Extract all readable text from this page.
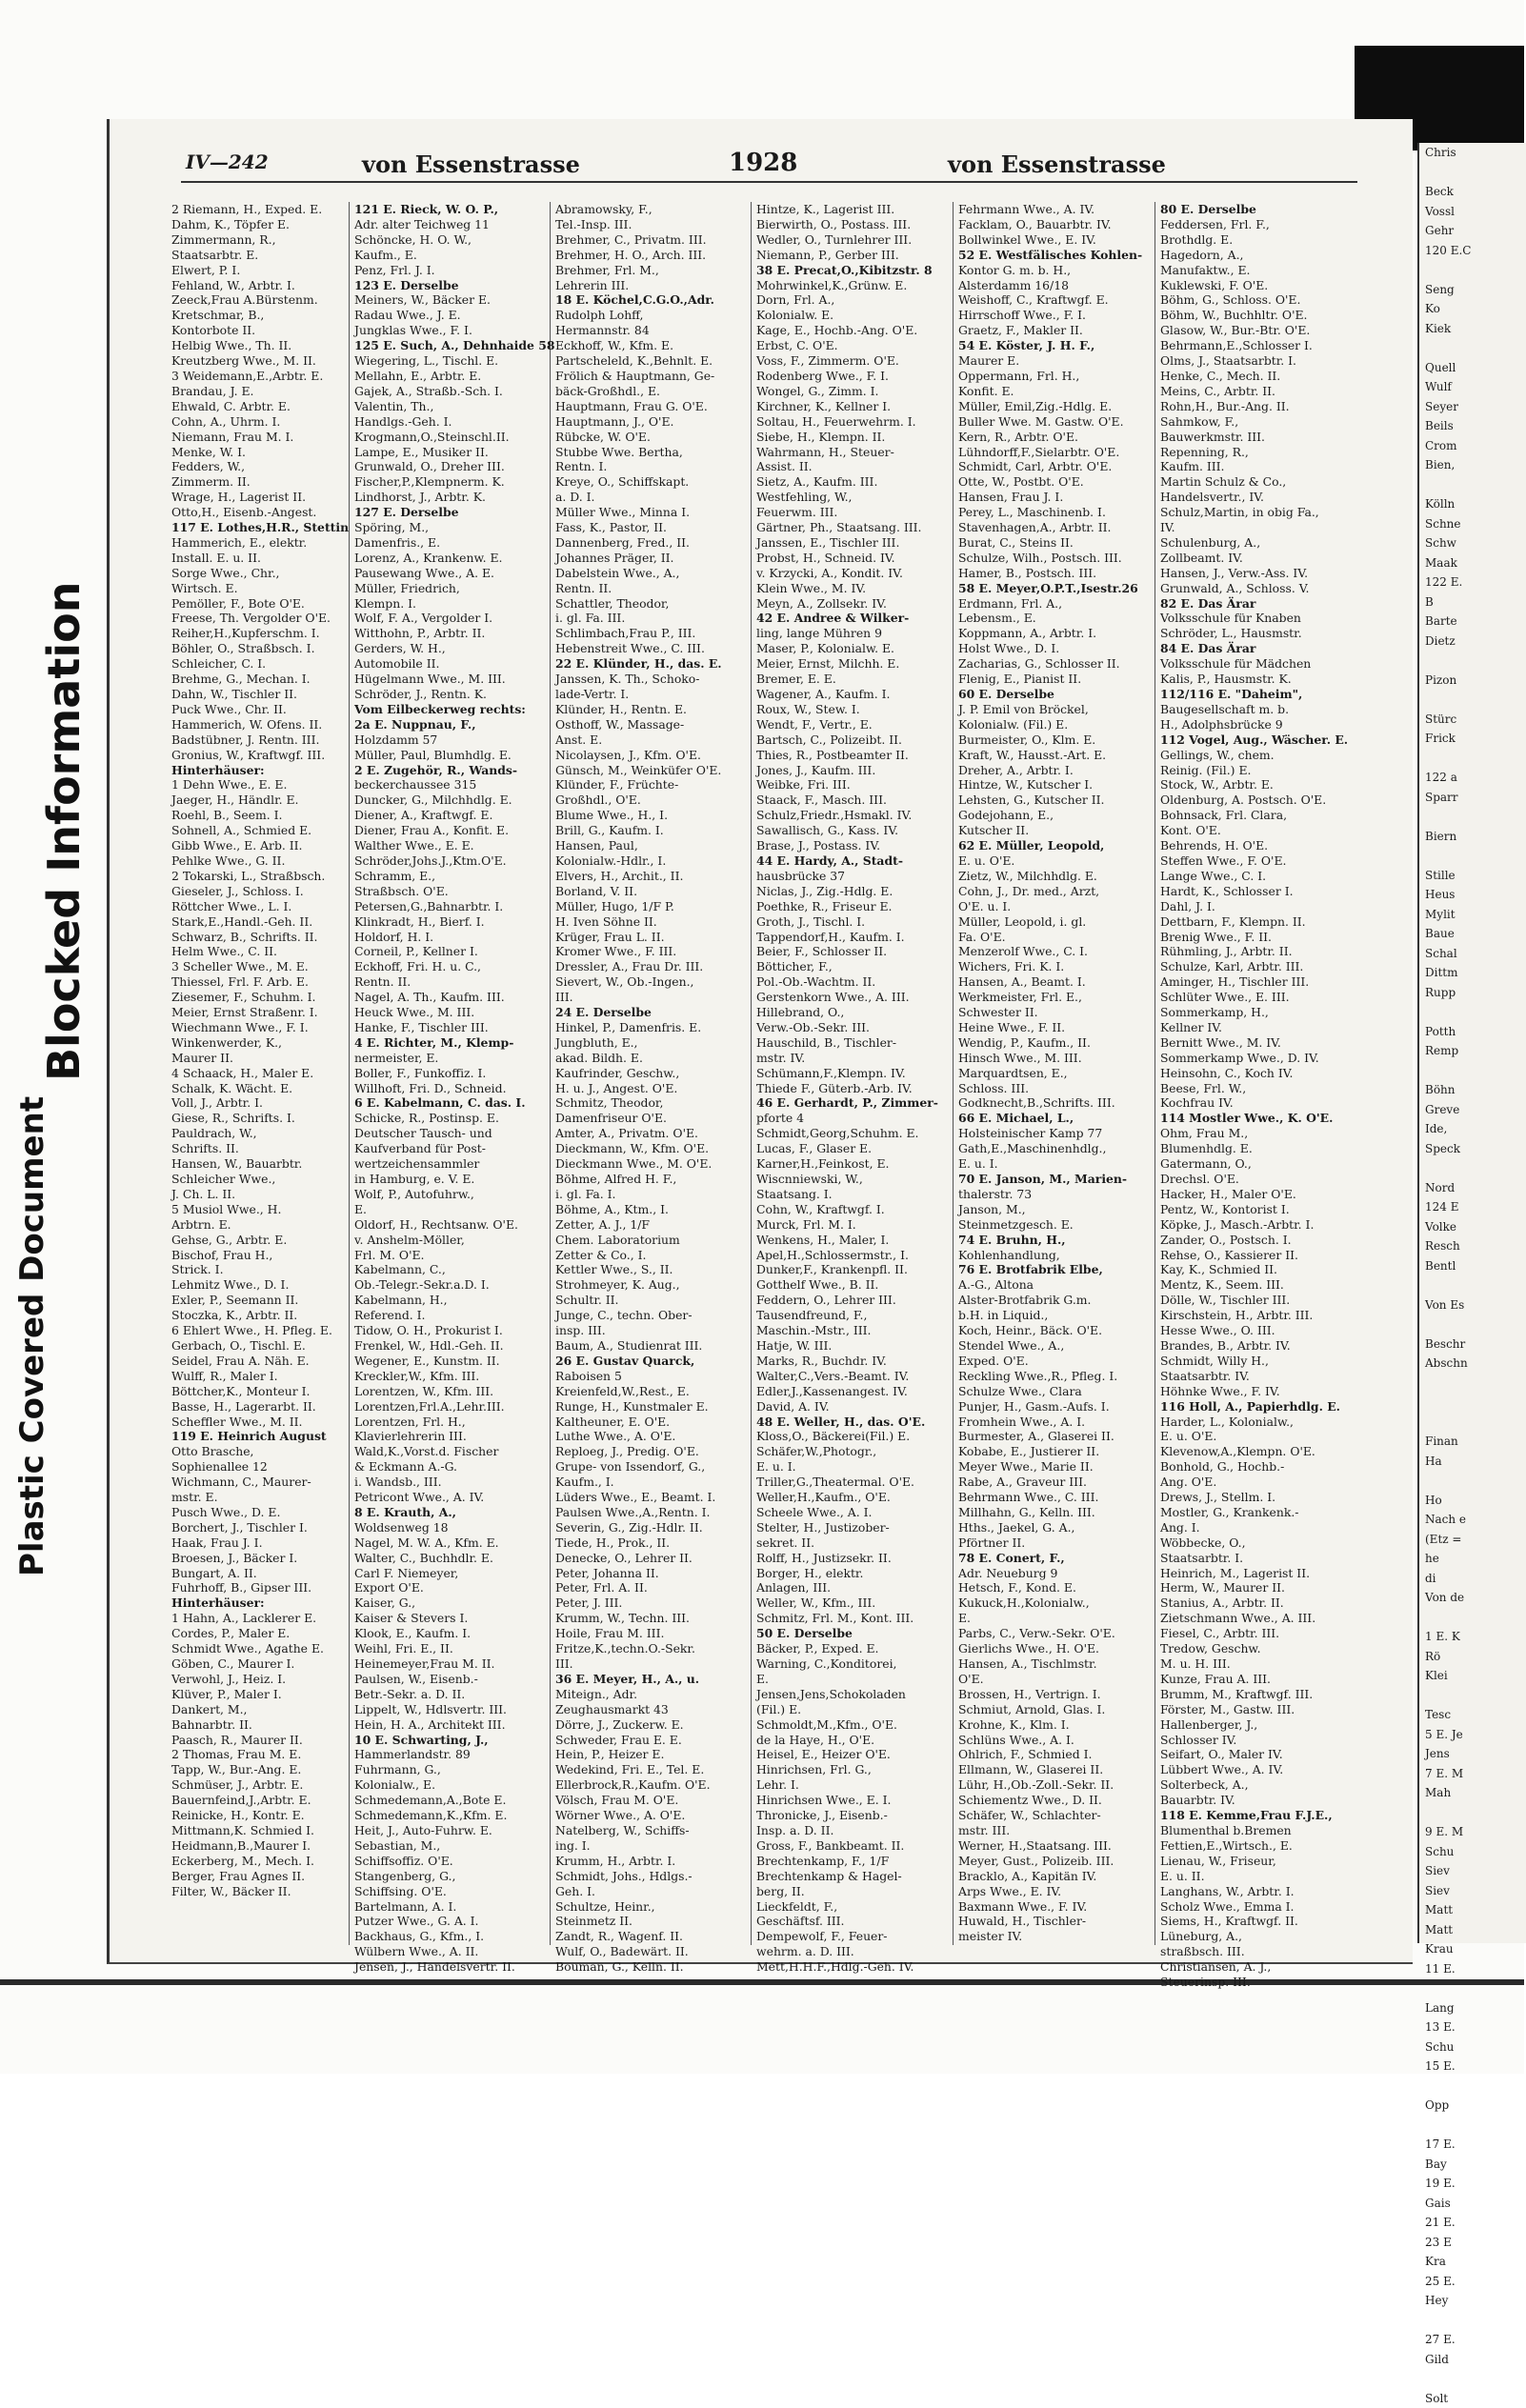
Plastic Covered Document
Blocked Information
Chris

Beck
Vossl
Gehr
120 E.C

Seng
Ko
Kiek

Quell
Wulf
Seyer
Beils
Crom
Bien,

Kölln
Schne
Schw
Maak
122 E.
B
Barte
Dietz

Pizon

Stürc
Frick

122 a
Sparr

Biern

Stille
Heus
Mylit
Baue
Schal
Dittm
Rupp

Potth
Remp

Böhn
Greve
Ide,
Speck

Nord
124 E
Volke
Resch
Bentl

Von Es

Beschr
Abschn

Finan
Ha

Ho
Nach e
(Etz =
he
di
Von de

1 E. K
Rö
Klei

Tesc
5 E. Je
Jens
7 E. M
Mah

9 E. M
Schu
Siev
Siev
Matt
Matt
Krau
11 E.

Lang
13 E.
Schu
15 E.

Opp

17 E.
Bay
19 E.
Gais
21 E.
23 E
Kra
25 E.
Hey

27 E.
Gild

Solt
IV—242	von Essenstrasse	1928	von Essenstrasse
2 Riemann, H., Exped. E.
Dahm, K., Töpfer E.
Zimmermann, R.,
Staatsarbtr. E.
Elwert, P. I.
Fehland, W., Arbtr. I.
Zeeck,Frau A.Bürstenm.
Kretschmar, B.,
Kontorbote II.
Helbig Wwe., Th. II.
Kreutzberg Wwe., M. II.
3 Weidemann,E.,Arbtr. E.
Brandau, J. E.
Ehwald, C. Arbtr. E.
Cohn, A., Uhrm. I.
Niemann, Frau M. I.
Menke, W. I.
Fedders, W.,
Zimmerm. II.
Wrage, H., Lagerist II.
Otto,H., Eisenb.-Angest.
117 E. Lothes,H.R., Stettin
Hammerich, E., elektr.
Install. E. u. II.
Sorge Wwe., Chr.,
Wirtsch. E.
Pemöller, F., Bote O'E.
Freese, Th. Vergolder O'E.
Reiher,H.,Kupferschm. I.
Böhler, O., Straßbsch. I.
Schleicher, C. I.
Brehme, G., Mechan. I.
Dahn, W., Tischler II.
Puck Wwe., Chr. II.
Hammerich, W. Ofens. II.
Badstübner, J. Rentn. III.
Gronius, W., Kraftwgf. III.
Hinterhäuser:
1 Dehn Wwe., E. E.
Jaeger, H., Händlr. E.
Roehl, B., Seem. I.
Sohnell, A., Schmied E.
Gibb Wwe., E. Arb. II.
Pehlke Wwe., G. II.
2 Tokarski, L., Straßbsch.
Gieseler, J., Schloss. I.
Röttcher Wwe., L. I.
Stark,E.,Handl.-Geh. II.
Schwarz, B., Schrifts. II.
Helm Wwe., C. II.
3 Scheller Wwe., M. E.
Thiessel, Frl. F. Arb. E.
Ziesemer, F., Schuhm. I.
Meier, Ernst Straßenr. I.
Wiechmann Wwe., F. I.
Winkenwerder, K.,
Maurer II.
4 Schaack, H., Maler E.
Schalk, K. Wächt. E.
Voll, J., Arbtr. I.
Giese, R., Schrifts. I.
Pauldrach, W.,
Schrifts. II.
Hansen, W., Bauarbtr.
Schleicher Wwe.,
J. Ch. L. II.
5 Musiol Wwe., H.
Arbtrn. E.
Gehse, G., Arbtr. E.
Bischof, Frau H.,
Strick. I.
Lehmitz Wwe., D. I.
Exler, P., Seemann II.
Stoczka, K., Arbtr. II.
6 Ehlert Wwe., H. Pfleg. E.
Gerbach, O., Tischl. E.
Seidel, Frau A. Näh. E.
Wulff, R., Maler I.
Böttcher,K., Monteur I.
Basse, H., Lagerarbt. II.
Scheffler Wwe., M. II.
119 E. Heinrich August
Otto Brasche,
Sophienallee 12
Wichmann, C., Maurer-
mstr. E.
Pusch Wwe., D. E.
Borchert, J., Tischler I.
Haak, Frau J. I.
Broesen, J., Bäcker I.
Bungart, A. II.
Fuhrhoff, B., Gipser III.
Hinterhäuser:
1 Hahn, A., Lacklerer E.
Cordes, P., Maler E.
Schmidt Wwe., Agathe E.
Göben, C., Maurer I.
Verwohl, J., Heiz. I.
Klüver, P., Maler I.
Dankert, M.,
Bahnarbtr. II.
Paasch, R., Maurer II.
2 Thomas, Frau M. E.
Tapp, W., Bur.-Ang. E.
Schmüser, J., Arbtr. E.
Bauernfeind,J.,Arbtr. E.
Reinicke, H., Kontr. E.
Mittmann,K. Schmied I.
Heidmann,B.,Maurer I.
Eckerberg, M., Mech. I.
Berger, Frau Agnes II.
Filter, W., Bäcker II.
121 E. Rieck, W. O. P.,
Adr. alter Teichweg 11
Schöncke, H. O. W.,
Kaufm., E.
Penz, Frl. J. I.
123 E. Derselbe
Meiners, W., Bäcker E.
Radau Wwe., J. E.
Jungklas Wwe., F. I.
125 E. Such, A., Dehnhaide 58
Wiegering, L., Tischl. E.
Mellahn, E., Arbtr. E.
Gajek, A., Straßb.-Sch. I.
Valentin, Th.,
Handlgs.-Geh. I.
Krogmann,O.,Steinschl.II.
Lampe, E., Musiker II.
Grunwald, O., Dreher III.
Fischer,P.,Klempnerm. K.
Lindhorst, J., Arbtr. K.
127 E. Derselbe
Spöring, M.,
Damenfris., E.
Lorenz, A., Krankenw. E.
Pausewang Wwe., A. E.
Müller, Friedrich,
Klempn. I.
Wolf, F. A., Vergolder I.
Witthohn, P., Arbtr. II.
Gerders, W. H.,
Automobile II.
Hügelmann Wwe., M. III.
Schröder, J., Rentn. K.
Vom Eilbeckerweg rechts:
2a E. Nuppnau, F.,
Holzdamm 57
Müller, Paul, Blumhdlg. E.
2 E. Zugehör, R., Wands-
beckerchaussee 315
Duncker, G., Milchhdlg. E.
Diener, A., Kraftwgf. E.
Diener, Frau A., Konfit. E.
Walther Wwe., E. E.
Schröder,Johs.J.,Ktm.O'E.
Schramm, E.,
Straßbsch. O'E.
Petersen,G.,Bahnarbtr. I.
Klinkradt, H., Bierf. I.
Holdorf, H. I.
Corneil, P., Kellner I.
Eckhoff, Fri. H. u. C.,
Rentn. II.
Nagel, A. Th., Kaufm. III.
Heuck Wwe., M. III.
Hanke, F., Tischler III.
4 E. Richter, M., Klemp-
nermeister, E.
Boller, F., Funkoffiz. I.
Willhoft, Fri. D., Schneid.
6 E. Kabelmann, C. das. I.
Schicke, R., Postinsp. E.
Deutscher Tausch- und
Kaufverband für Post-
wertzeichensammler
in Hamburg, e. V. E.
Wolf, P., Autofuhrw.,
E.
Oldorf, H., Rechtsanw. O'E.
v. Anshelm-Möller,
Frl. M. O'E.
Kabelmann, C.,
Ob.-Telegr.-Sekr.a.D. I.
Kabelmann, H.,
Referend. I.
Tidow, O. H., Prokurist I.
Frenkel, W., Hdl.-Geh. II.
Wegener, E., Kunstm. II.
Kreckler,W., Kfm. III.
Lorentzen, W., Kfm. III.
Lorentzen,Frl.A.,Lehr.III.
Lorentzen, Frl. H.,
Klavierlehrerin III.
Wald,K.,Vorst.d. Fischer
& Eckmann A.-G.
i. Wandsb., III.
Petricont Wwe., A. IV.
8 E. Krauth, A.,
Woldsenweg 18
Nagel, M. W. A., Kfm. E.
Walter, C., Buchhdlr. E.
Carl F. Niemeyer,
Export O'E.
Kaiser, G.,
Kaiser & Stevers I.
Klook, E., Kaufm. I.
Weihl, Fri. E., II.
Heinemeyer,Frau M. II.
Paulsen, W., Eisenb.-
Betr.-Sekr. a. D. II.
Lippelt, W., Hdlsvertr. III.
Hein, H. A., Architekt III.
10 E. Schwarting, J.,
Hammerlandstr. 89
Fuhrmann, G.,
Kolonialw., E.
Schmedemann,A.,Bote E.
Schmedemann,K.,Kfm. E.
Heit, J., Auto-Fuhrw. E.
Sebastian, M.,
Schiffsoffiz. O'E.
Stangenberg, G.,
Schiffsing. O'E.
Bartelmann, A. I.
Putzer Wwe., G. A. I.
Backhaus, G., Kfm., I.
Wülbern Wwe., A. II.
Jensen, J., Handelsvertr. II.
Abramowsky, F.,
Tel.-Insp. III.
Brehmer, C., Privatm. III.
Brehmer, H. O., Arch. III.
Brehmer, Frl. M.,
Lehrerin III.
18 E. Köchel,C.G.O.,Adr.
Rudolph Lohff,
Hermannstr. 84
Eckhoff, W., Kfm. E.
Partscheleld, K.,Behnlt. E.
Frölich & Hauptmann, Ge-
bäck-Großhdl., E.
Hauptmann, Frau G. O'E.
Hauptmann, J., O'E.
Rübcke, W. O'E.
Stubbe Wwe. Bertha,
Rentn. I.
Kreye, O., Schiffskapt.
a. D. I.
Müller Wwe., Minna I.
Fass, K., Pastor, II.
Dannenberg, Fred., II.
Johannes Präger, II.
Dabelstein Wwe., A.,
Rentn. II.
Schattler, Theodor,
i. gl. Fa. III.
Schlimbach,Frau P., III.
Hebenstreit Wwe., C. III.
22 E. Klünder, H., das. E.
Janssen, K. Th., Schoko-
lade-Vertr. I.
Klünder, H., Rentn. E.
Osthoff, W., Massage-
Anst. E.
Nicolaysen, J., Kfm. O'E.
Günsch, M., Weinküfer O'E.
Klünder, F., Früchte-
Großhdl., O'E.
Blume Wwe., H., I.
Brill, G., Kaufm. I.
Hansen, Paul,
Kolonialw.-Hdlr., I.
Elvers, H., Archit., II.
Borland, V. II.
Müller, Hugo, 1/F P.
H. Iven Söhne II.
Krüger, Frau L. II.
Kromer Wwe., F. III.
Dressler, A., Frau Dr. III.
Sievert, W., Ob.-Ingen.,
III.
24 E. Derselbe
Hinkel, P., Damenfris. E.
Jungbluth, E.,
akad. Bildh. E.
Kaufrinder, Geschw.,
H. u. J., Angest. O'E.
Schmitz, Theodor,
Damenfriseur O'E.
Amter, A., Privatm. O'E.
Dieckmann, W., Kfm. O'E.
Dieckmann Wwe., M. O'E.
Böhme, Alfred H. F.,
i. gl. Fa. I.
Böhme, A., Ktm., I.
Zetter, A. J., 1/F
Chem. Laboratorium
Zetter & Co., I.
Kettler Wwe., S., II.
Strohmeyer, K. Aug.,
Schultr. II.
Junge, C., techn. Ober-
insp. III.
Baum, A., Studienrat III.
26 E. Gustav Quarck,
Raboisen 5
Kreienfeld,W.,Rest., E.
Runge, H., Kunstmaler E.
Kaltheuner, E. O'E.
Luthe Wwe., A. O'E.
Reploeg, J., Predig. O'E.
Grupe- von Issendorf, G.,
Kaufm., I.
Lüders Wwe., E., Beamt. I.
Paulsen Wwe.,A.,Rentn. I.
Severin, G., Zig.-Hdlr. II.
Tiede, H., Prok., II.
Denecke, O., Lehrer II.
Peter, Johanna II.
Peter, Frl. A. II.
Peter, J. III.
Krumm, W., Techn. III.
Hoile, Frau M. III.
Fritze,K.,techn.O.-Sekr.
III.
36 E. Meyer, H., A., u.
Miteign., Adr.
Zeughausmarkt 43
Dörre, J., Zuckerw. E.
Schweder, Frau E. E.
Hein, P., Heizer E.
Wedekind, Fri. E., Tel. E.
Ellerbrock,R.,Kaufm. O'E.
Völsch, Frau M. O'E.
Wörner Wwe., A. O'E.
Natelberg, W., Schiffs-
ing. I.
Krumm, H., Arbtr. I.
Schmidt, Johs., Hdlgs.-
Geh. I.
Schultze, Heinr.,
Steinmetz II.
Zandt, R., Wagenf. II.
Wulf, O., Badewärt. II.
Bouman, G., Kelln. II.
Hintze, K., Lagerist III.
Bierwirth, O., Postass. III.
Wedler, O., Turnlehrer III.
Niemann, P., Gerber III.
38 E. Precat,O.,Kibitzstr. 8
Mohrwinkel,K.,Grünw. E.
Dorn, Frl. A.,
Kolonialw. E.
Kage, E., Hochb.-Ang. O'E.
Erbst, C. O'E.
Voss, F., Zimmerm. O'E.
Rodenberg Wwe., F. I.
Wongel, G., Zimm. I.
Kirchner, K., Kellner I.
Soltau, H., Feuerwehrm. I.
Siebe, H., Klempn. II.
Wahrmann, H., Steuer-
Assist. II.
Sietz, A., Kaufm. III.
Westfehling, W.,
Feuerwm. III.
Gärtner, Ph., Staatsang. III.
Janssen, E., Tischler III.
Probst, H., Schneid. IV.
v. Krzycki, A., Kondit. IV.
Klein Wwe., M. IV.
Meyn, A., Zollsekr. IV.
42 E. Andree & Wilker-
ling, lange Mühren 9
Maser, P., Kolonialw. E.
Meier, Ernst, Milchh. E.
Bremer, E. E.
Wagener, A., Kaufm. I.
Roux, W., Stew. I.
Wendt, F., Vertr., E.
Bartsch, C., Polizeibt. II.
Thies, R., Postbeamter II.
Jones, J., Kaufm. III.
Weibke, Fri. III.
Staack, F., Masch. III.
Schulz,Friedr.,Hsmakl. IV.
Sawallisch, G., Kass. IV.
Brase, J., Postass. IV.
44 E. Hardy, A., Stadt-
hausbrücke 37
Niclas, J., Zig.-Hdlg. E.
Poethke, R., Friseur E.
Groth, J., Tischl. I.
Tappendorf,H., Kaufm. I.
Beier, F., Schlosser II.
Bötticher, F.,
Pol.-Ob.-Wachtm. II.
Gerstenkorn Wwe., A. III.
Hillebrand, O.,
Verw.-Ob.-Sekr. III.
Hauschild, B., Tischler-
mstr. IV.
Schümann,F.,Klempn. IV.
Thiede F., Güterb.-Arb. IV.
46 E. Gerhardt, P., Zimmer-
pforte 4
Schmidt,Georg,Schuhm. E.
Lucas, F., Glaser E.
Karner,H.,Feinkost, E.
Wiscnniewski, W.,
Staatsang. I.
Cohn, W., Kraftwgf. I.
Murck, Frl. M. I.
Wenkens, H., Maler, I.
Apel,H.,Schlossermstr., I.
Dunker,F., Krankenpfl. II.
Gotthelf Wwe., B. II.
Feddern, O., Lehrer III.
Tausendfreund, F.,
Maschin.-Mstr., III.
Hatje, W. III.
Marks, R., Buchdr. IV.
Walter,C.,Vers.-Beamt. IV.
Edler,J.,Kassenangest. IV.
David, A. IV.
48 E. Weller, H., das. O'E.
Kloss,O., Bäckerei(Fil.) E.
Schäfer,W.,Photogr.,
E. u. I.
Triller,G.,Theatermal. O'E.
Weller,H.,Kaufm., O'E.
Scheele Wwe., A. I.
Stelter, H., Justizober-
sekret. II.
Rolff, H., Justizsekr. II.
Borger, H., elektr.
Anlagen, III.
Weller, W., Kfm., III.
Schmitz, Frl. M., Kont. III.
50 E. Derselbe
Bäcker, P., Exped. E.
Warning, C.,Konditorei,
E.
Jensen,Jens,Schokoladen
(Fil.) E.
Schmoldt,M.,Kfm., O'E.
de la Haye, H., O'E.
Heisel, E., Heizer O'E.
Hinrichsen, Frl. G.,
Lehr. I.
Hinrichsen Wwe., E. I.
Thronicke, J., Eisenb.-
Insp. a. D. II.
Gross, F., Bankbeamt. II.
Brechtenkamp, F., 1/F
Brechtenkamp & Hagel-
berg, II.
Lieckfeldt, F.,
Geschäftsf. III.
Dempewolf, F., Feuer-
wehrm. a. D. III.
Mett,H.H.F.,Hdlg.-Geh. IV.
Fehrmann Wwe., A. IV.
Facklam, O., Bauarbtr. IV.
Bollwinkel Wwe., E. IV.
52 E. Westfälisches Kohlen-
Kontor G. m. b. H.,
Alsterdamm 16/18
Weishoff, C., Kraftwgf. E.
Hirrschoff Wwe., F. I.
Graetz, F., Makler II.
54 E. Köster, J. H. F.,
Maurer E.
Oppermann, Frl. H.,
Konfit. E.
Müller, Emil,Zig.-Hdlg. E.
Buller Wwe. M. Gastw. O'E.
Kern, R., Arbtr. O'E.
Lühndorff,F.,Sielarbtr. O'E.
Schmidt, Carl, Arbtr. O'E.
Otte, W., Postbt. O'E.
Hansen, Frau J. I.
Perey, L., Maschinenb. I.
Stavenhagen,A., Arbtr. II.
Burat, C., Steins II.
Schulze, Wilh., Postsch. III.
Hamer, B., Postsch. III.
58 E. Meyer,O.P.T.,Isestr.26
Erdmann, Frl. A.,
Lebensm., E.
Koppmann, A., Arbtr. I.
Holst Wwe., D. I.
Zacharias, G., Schlosser II.
Flenig, E., Pianist II.
60 E. Derselbe
J. P. Emil von Bröckel,
Kolonialw. (Fil.) E.
Burmeister, O., Klm. E.
Kraft, W., Hausst.-Art. E.
Dreher, A., Arbtr. I.
Hintze, W., Kutscher I.
Lehsten, G., Kutscher II.
Godejohann, E.,
Kutscher II.
62 E. Müller, Leopold,
E. u. O'E.
Zietz, W., Milchhdlg. E.
Cohn, J., Dr. med., Arzt,
O'E. u. I.
Müller, Leopold, i. gl.
Fa. O'E.
Menzerolf Wwe., C. I.
Wichers, Fri. K. I.
Hansen, A., Beamt. I.
Werkmeister, Frl. E.,
Schwester II.
Heine Wwe., F. II.
Wendig, P., Kaufm., II.
Hinsch Wwe., M. III.
Marquardtsen, E.,
Schloss. III.
Godknecht,B.,Schrifts. III.
66 E. Michael, L.,
Holsteinischer Kamp 77
Gath,E.,Maschinenhdlg.,
E. u. I.
70 E. Janson, M., Marien-
thalerstr. 73
Janson, M.,
Steinmetzgesch. E.
74 E. Bruhn, H.,
Kohlenhandlung,
76 E. Brotfabrik Elbe,
A.-G., Altona
Alster-Brotfabrik G.m.
b.H. in Liquid.,
Koch, Heinr., Bäck. O'E.
Stendel Wwe., A.,
Exped. O'E.
Reckling Wwe.,R., Pfleg. I.
Schulze Wwe., Clara
Punjer, H., Gasm.-Aufs. I.
Fromhein Wwe., A. I.
Burmester, A., Glaserei II.
Kobabe, E., Justierer II.
Meyer Wwe., Marie II.
Rabe, A., Graveur III.
Behrmann Wwe., C. III.
Millhahn, G., Kelln. III.
Hths., Jaekel, G. A.,
Pförtner II.
78 E. Conert, F.,
Adr. Neueburg 9
Hetsch, F., Kond. E.
Kukuck,H.,Kolonialw.,
E.
Parbs, C., Verw.-Sekr. O'E.
Gierlichs Wwe., H. O'E.
Hansen, A., Tischlmstr.
O'E.
Brossen, H., Vertrign. I.
Schmiut, Arnold, Glas. I.
Krohne, K., Klm. I.
Schlüns Wwe., A. I.
Ohlrich, F., Schmied I.
Ellmann, W., Glaserei II.
Lühr, H.,Ob.-Zoll.-Sekr. II.
Schiementz Wwe., D. II.
Schäfer, W., Schlachter-
mstr. III.
Werner, H.,Staatsang. III.
Meyer, Gust., Polizeib. III.
Bracklo, A., Kapitän IV.
Arps Wwe., E. IV.
Baxmann Wwe., F. IV.
Huwald, H., Tischler-
meister IV.
80 E. Derselbe
Feddersen, Frl. F.,
Brothdlg. E.
Hagedorn, A.,
Manufaktw., E.
Kuklewski, F. O'E.
Böhm, G., Schloss. O'E.
Böhm, W., Buchhltr. O'E.
Glasow, W., Bur.-Btr. O'E.
Behrmann,E.,Schlosser I.
Olms, J., Staatsarbtr. I.
Henke, C., Mech. II.
Meins, C., Arbtr. II.
Rohn,H., Bur.-Ang. II.
Sahmkow, F.,
Bauwerkmstr. III.
Repenning, R.,
Kaufm. III.
Martin Schulz & Co.,
Handelsvertr., IV.
Schulz,Martin, in obig Fa.,
IV.
Schulenburg, A.,
Zollbeamt. IV.
Hansen, J., Verw.-Ass. IV.
Grunwald, A., Schloss. V.
82 E. Das Ärar
Volksschule für Knaben
Schröder, L., Hausmstr.
84 E. Das Ärar
Volksschule für Mädchen
Kalis, P., Hausmstr. K.
112/116 E. "Daheim",
Baugesellschaft m. b.
H., Adolphsbrücke 9
112 Vogel, Aug., Wäscher. E.
Gellings, W., chem.
Reinig. (Fil.) E.
Stock, W., Arbtr. E.
Oldenburg, A. Postsch. O'E.
Bohnsack, Frl. Clara,
Kont. O'E.
Behrends, H. O'E.
Steffen Wwe., F. O'E.
Lange Wwe., C. I.
Hardt, K., Schlosser I.
Dahl, J. I.
Dettbarn, F., Klempn. II.
Brenig Wwe., F. II.
Rühmling, J., Arbtr. II.
Schulze, Karl, Arbtr. III.
Aminger, H., Tischler III.
Schlüter Wwe., E. III.
Sommerkamp, H.,
Kellner IV.
Bernitt Wwe., M. IV.
Sommerkamp Wwe., D. IV.
Heinsohn, C., Koch IV.
Beese, Frl. W.,
Kochfrau IV.
114 Mostler Wwe., K. O'E.
Ohm, Frau M.,
Blumenhdlg. E.
Gatermann, O.,
Drechsl. O'E.
Hacker, H., Maler O'E.
Pentz, W., Kontorist I.
Köpke, J., Masch.-Arbtr. I.
Zander, O., Postsch. I.
Rehse, O., Kassierer II.
Kay, K., Schmied II.
Mentz, K., Seem. III.
Dölle, W., Tischler III.
Kirschstein, H., Arbtr. III.
Hesse Wwe., O. III.
Brandes, B., Arbtr. IV.
Schmidt, Willy H.,
Staatsarbtr. IV.
Höhnke Wwe., F. IV.
116 Holl, A., Papierhdlg. E.
Harder, L., Kolonialw.,
E. u. O'E.
Klevenow,A.,Klempn. O'E.
Bonhold, G., Hochb.-
Ang. O'E.
Drews, J., Stellm. I.
Mostler, G., Krankenk.-
Ang. I.
Wöbbecke, O.,
Staatsarbtr. I.
Heinrich, M., Lagerist II.
Herm, W., Maurer II.
Stanius, A., Arbtr. II.
Zietschmann Wwe., A. III.
Fiesel, C., Arbtr. III.
Tredow, Geschw.
M. u. H. III.
Kunze, Frau A. III.
Brumm, M., Kraftwgf. III.
Förster, M., Gastw. III.
Hallenberger, J.,
Schlosser IV.
Seifart, O., Maler IV.
Lübbert Wwe., A. IV.
Solterbeck, A.,
Bauarbtr. IV.
118 E. Kemme,Frau F.J.E.,
Blumenthal b.Bremen
Fettien,E.,Wirtsch., E.
Lienau, W., Friseur,
E. u. II.
Langhans, W., Arbtr. I.
Scholz Wwe., Emma I.
Siems, H., Kraftwgf. II.
Lüneburg, A.,
straßbsch. III.
Christiansen, A. J.,
Steuerinsp. III.
